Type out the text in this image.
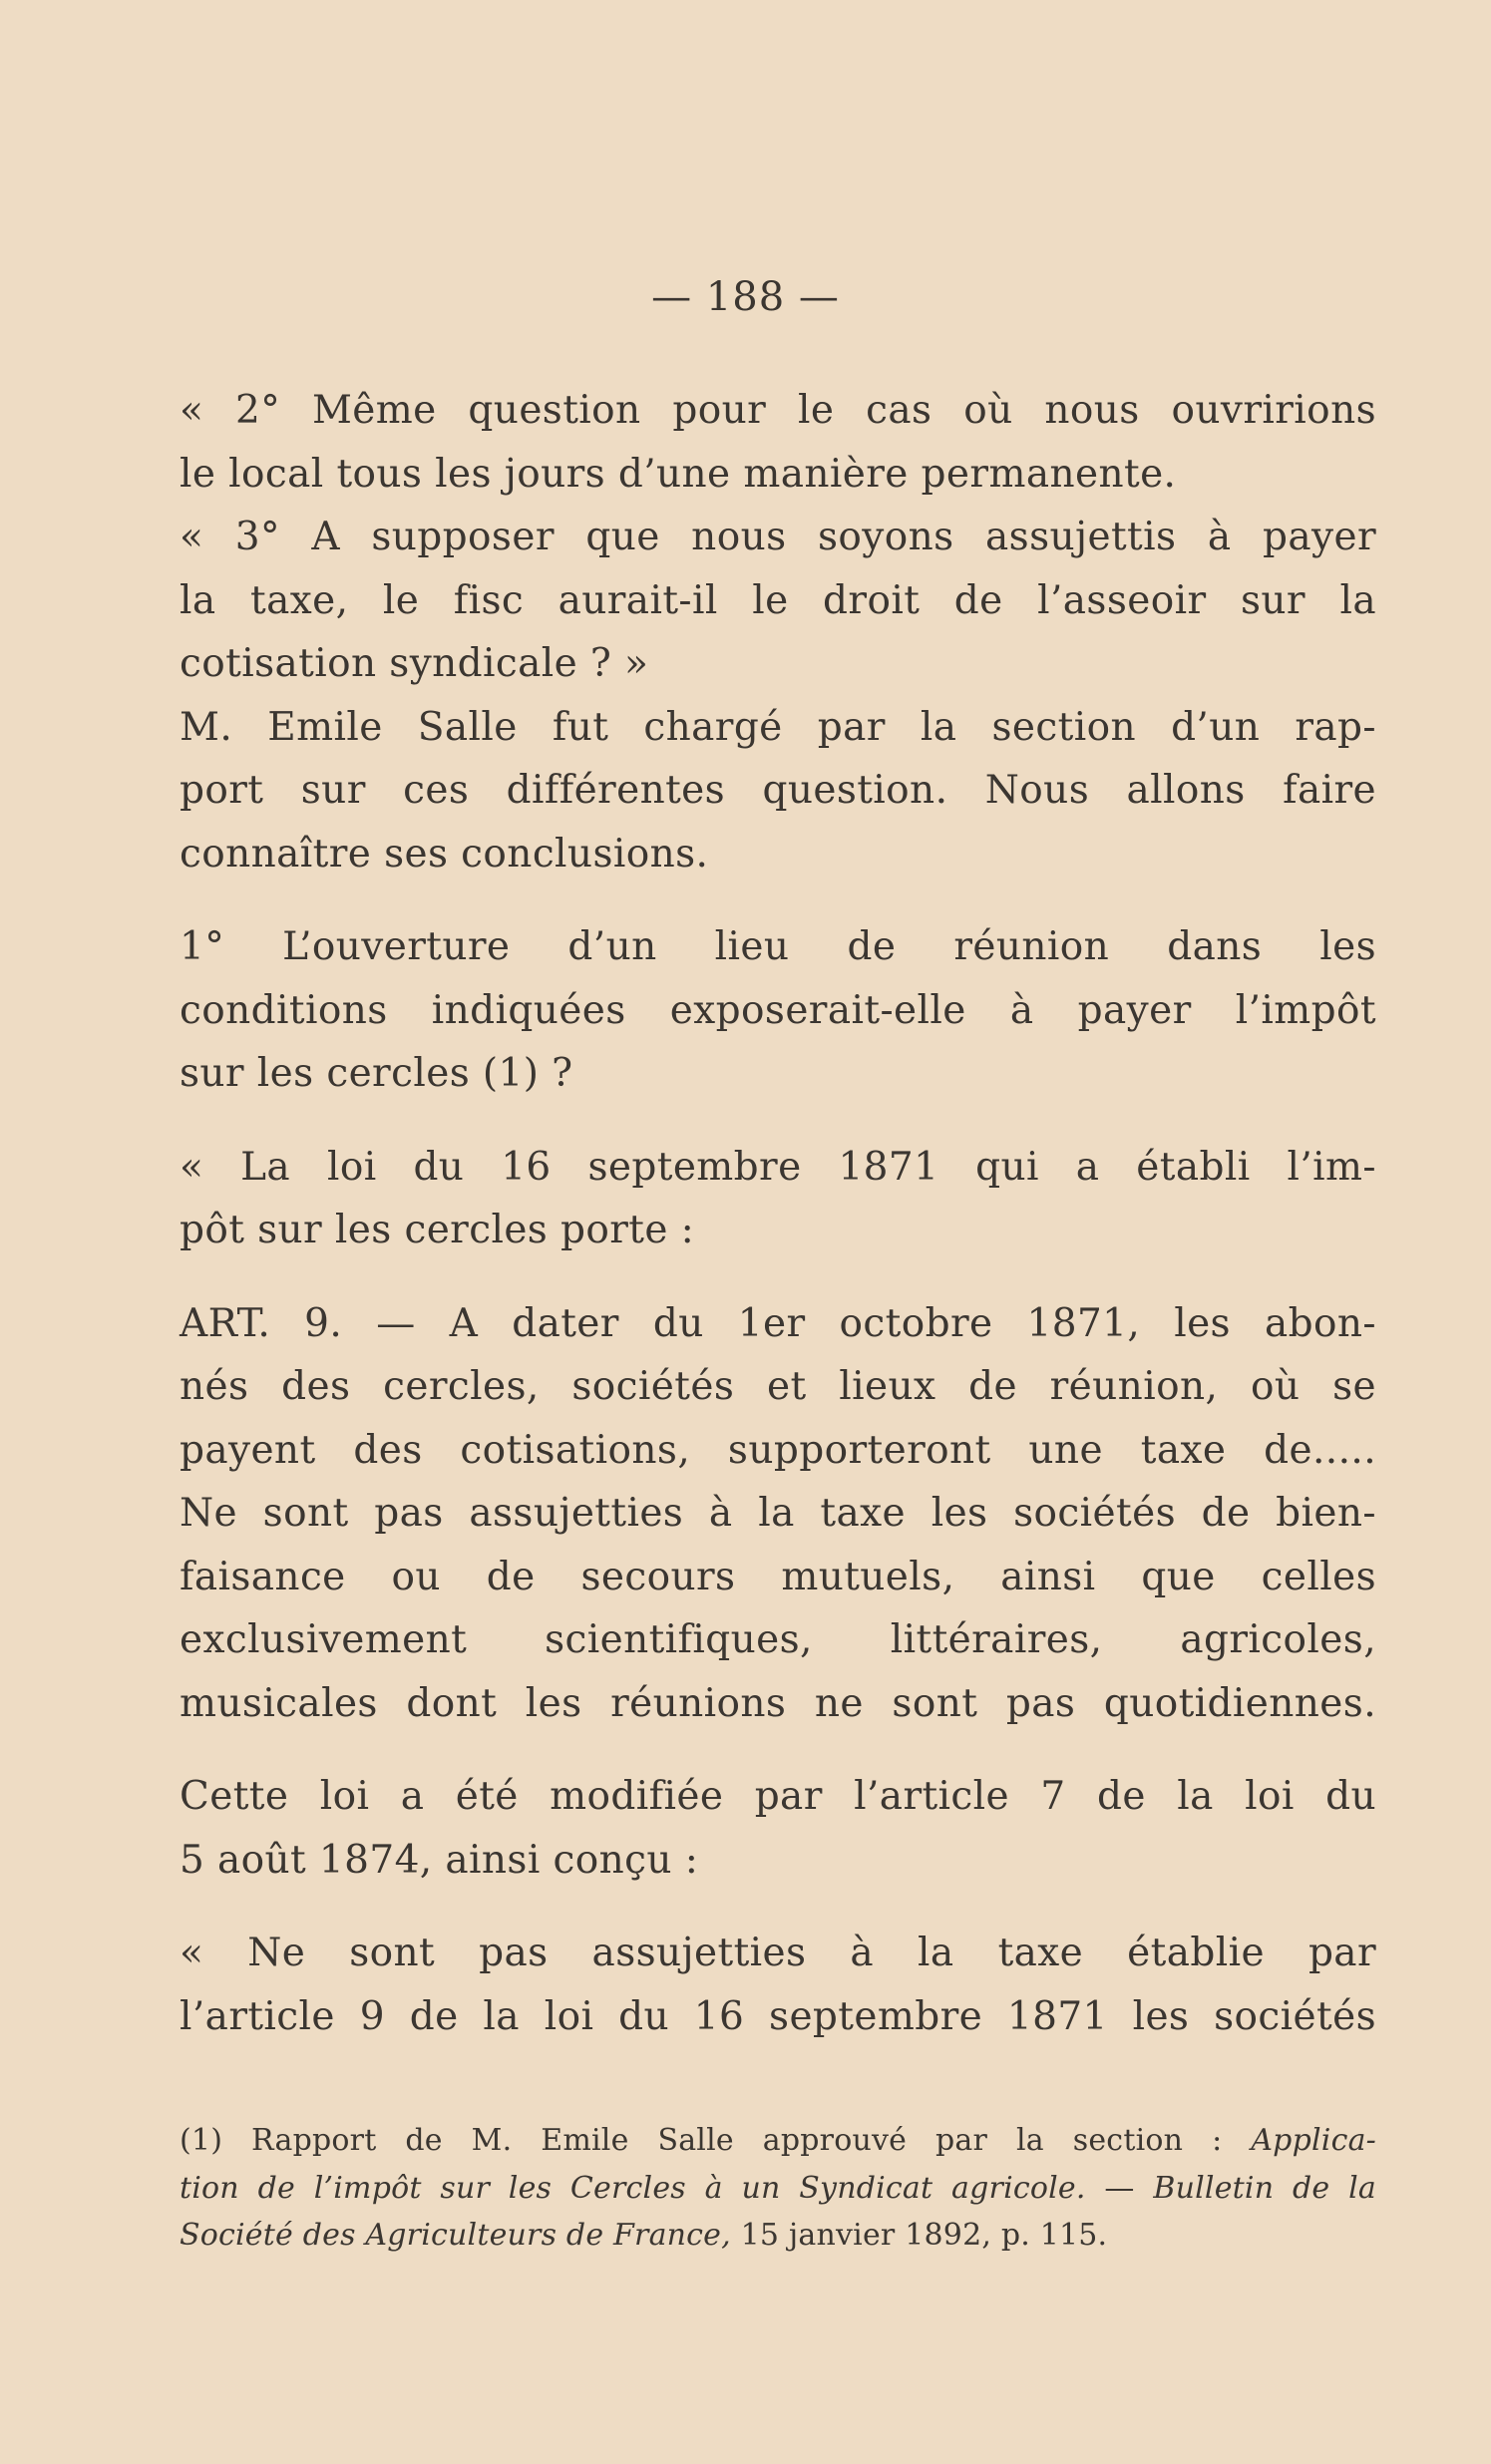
— 188 —

« 2° Même question pour le cas où nous ouvririons

le local tous les jours d’une manière permanente.

« 3° A supposer que nous soyons assujettis à payer

la taxe, le fisc aurait-il le droit de l’asseoir sur la

cotisation syndicale ? »

M. Emile Salle fut chargé par la section d’un rap-

port sur ces différentes question. Nous allons faire

connaître ses conclusions.

1° L’ouverture d’un lieu de réunion dans les

conditions indiquées exposerait-elle à payer l’impôt

sur les cercles (1) ?

« La loi du 16 septembre 1871 qui a établi l’im-

pôt sur les cercles porte :

ART. 9. — A dater du 1er octobre 1871, les abon-

nés des cercles, sociétés et lieux de réunion, où se

payent des cotisations, supporteront une taxe de.....

Ne sont pas assujetties à la taxe les sociétés de bien-

faisance ou de secours mutuels, ainsi que celles

exclusivement scientifiques, littéraires, agricoles,

musicales dont les réunions ne sont pas quotidiennes.

Cette loi a été modifiée par l’article 7 de la loi du

5 août 1874, ainsi conçu :

« Ne sont pas assujetties à la taxe établie par

l’article 9 de la loi du 16 septembre 1871 les sociétés

(1) Rapport de M. Emile Salle approuvé par la section : Applica-

tion de l’impôt sur les Cercles à un Syndicat agricole. — Bulletin de la

Société des Agriculteurs de France, 15 janvier 1892, p. 115.
